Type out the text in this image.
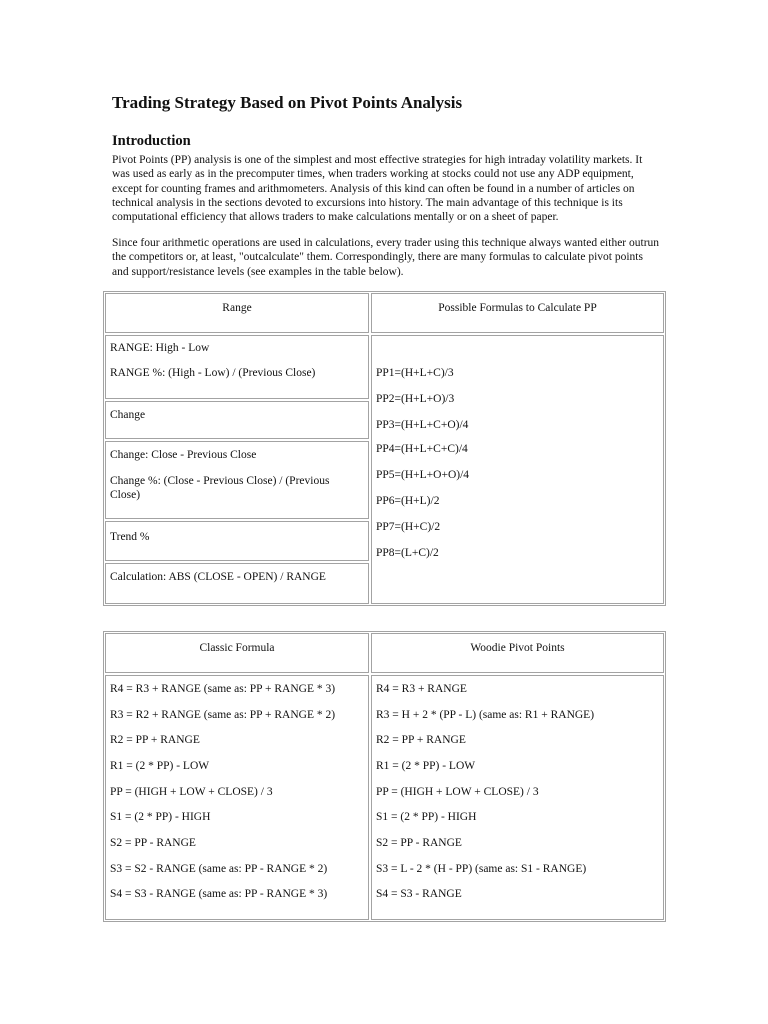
Trading Strategy Based on Pivot Points Analysis
Introduction

Pivot Points (PP) analysis is one of the simplest and most effective strategies for high intraday volatility markets. It was used as early as in the precomputer times, when traders working at stocks could not use any ADP equipment, except for counting frames and arithmometers. Analysis of this kind can often be found in a number of articles on technical analysis in the sections devoted to excursions into history. The main advantage of this technique is its computational efficiency that allows traders to make calculations mentally or on a sheet of paper.

Since four arithmetic operations are used in calculations, every trader using this technique always wanted either outrun the competitors or, at least, "outcalculate" them. Correspondingly, there are many formulas to calculate pivot points and support/resistance levels (see examples in the table below).

Range	Possible Formulas to Calculate PP
RANGE: High - Low
RANGE %: (High - Low) / (Previous Close)
Change
Change: Close - Previous Close
Change %: (Close - Previous Close) / (Previous Close)
Trend %
Calculation: ABS (CLOSE - OPEN) / RANGE
PP1=(H+L+C)/3
PP2=(H+L+O)/3
PP3=(H+L+C+O)/4
PP4=(H+L+C+C)/4
PP5=(H+L+O+O)/4
PP6=(H+L)/2
PP7=(H+C)/2
PP8=(L+C)/2
Classic Formula	Woodie Pivot Points
R4 = R3 + RANGE (same as: PP + RANGE * 3)
R3 = R2 + RANGE (same as: PP + RANGE * 2)
R2 = PP + RANGE
R1 = (2 * PP) - LOW
PP = (HIGH + LOW + CLOSE) / 3
S1 = (2 * PP) - HIGH
S2 = PP - RANGE
S3 = S2 - RANGE (same as: PP - RANGE * 2)
S4 = S3 - RANGE (same as: PP - RANGE * 3)
R4 = R3 + RANGE
R3 = H + 2 * (PP - L) (same as: R1 + RANGE)
R2 = PP + RANGE
R1 = (2 * PP) - LOW
PP = (HIGH + LOW + CLOSE) / 3
S1 = (2 * PP) - HIGH
S2 = PP - RANGE
S3 = L - 2 * (H - PP) (same as: S1 - RANGE)
S4 = S3 - RANGE
